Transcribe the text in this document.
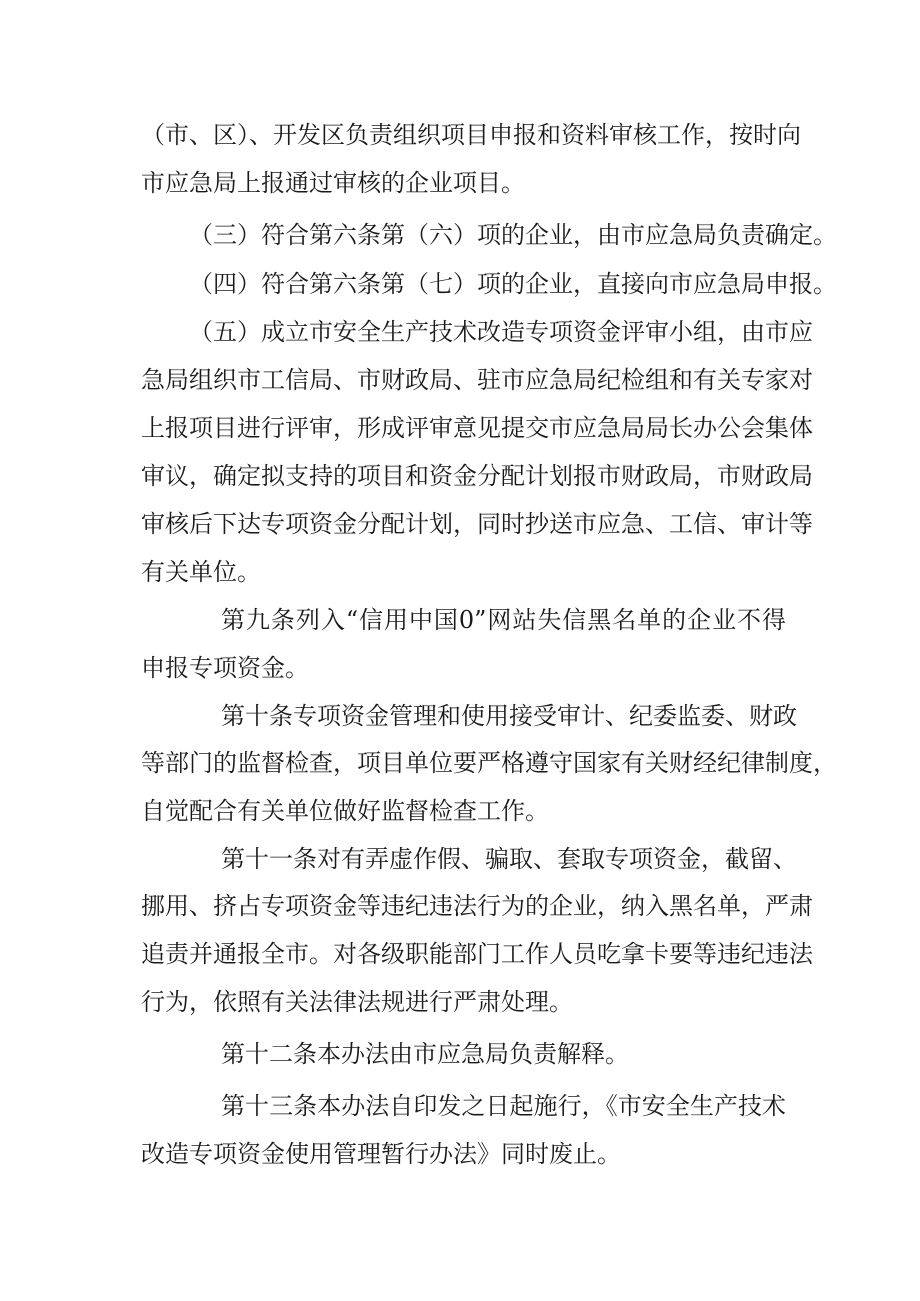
（市、区）、开发区负责组织项目申报和资料审核工作，按时向
市应急局上报通过审核的企业项目。
（三）符合第六条第（六）项的企业，由市应急局负责确定。
（四）符合第六条第（七）项的企业，直接向市应急局申报。
（五）成立市安全生产技术改造专项资金评审小组，由市应
急局组织市工信局、市财政局、驻市应急局纪检组和有关专家对
上报项目进行评审，形成评审意见提交市应急局局长办公会集体
审议，确定拟支持的项目和资金分配计划报市财政局，市财政局
审核后下达专项资金分配计划，同时抄送市应急、工信、审计等
有关单位。
第九条列入“信用中国0”网站失信黑名单的企业不得
申报专项资金。
第十条专项资金管理和使用接受审计、纪委监委、财政
等部门的监督检查，项目单位要严格遵守国家有关财经纪律制度，
自觉配合有关单位做好监督检查工作。
第十一条对有弄虚作假、骗取、套取专项资金，截留、
挪用、挤占专项资金等违纪违法行为的企业，纳入黑名单，严肃
追责并通报全市。对各级职能部门工作人员吃拿卡要等违纪违法
行为，依照有关法律法规进行严肃处理。
第十二条本办法由市应急局负责解释。
第十三条本办法自印发之日起施行，《市安全生产技术
改造专项资金使用管理暂行办法》同时废止。
